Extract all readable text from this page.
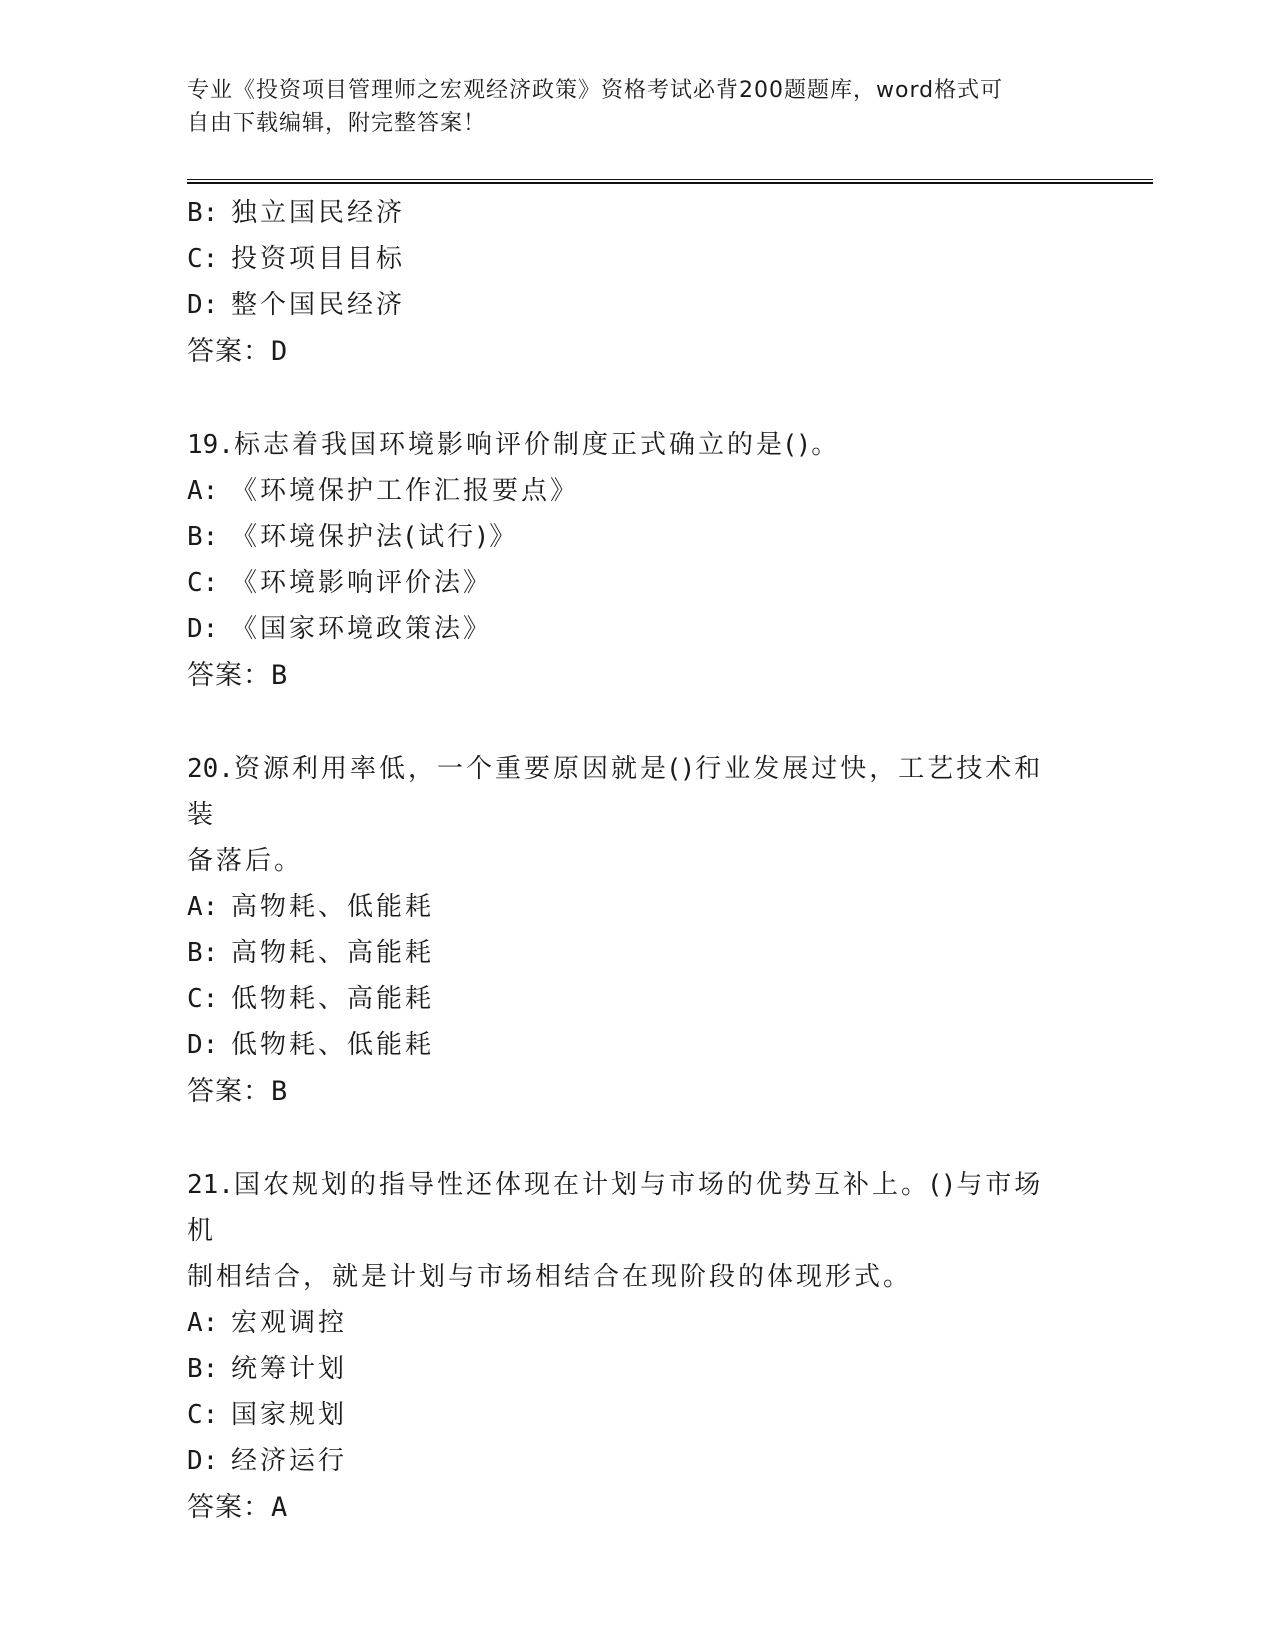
专业《投资项目管理师之宏观经济政策》资格考试必背200题题库，word格式可
自由下载编辑，附完整答案！
B: 独立国民经济
C: 投资项目目标
D: 整个国民经济
答案：D
19.标志着我国环境影响评价制度正式确立的是()。
A: 《环境保护工作汇报要点》
B: 《环境保护法(试行)》
C: 《环境影响评价法》
D: 《国家环境政策法》
答案：B
20.资源利用率低，一个重要原因就是()行业发展过快，工艺技术和装
备落后。
A: 高物耗、低能耗
B: 高物耗、高能耗
C: 低物耗、高能耗
D: 低物耗、低能耗
答案：B
21.国农规划的指导性还体现在计划与市场的优势互补上。()与市场机
制相结合，就是计划与市场相结合在现阶段的体现形式。
A: 宏观调控
B: 统筹计划
C: 国家规划
D: 经济运行
答案：A
